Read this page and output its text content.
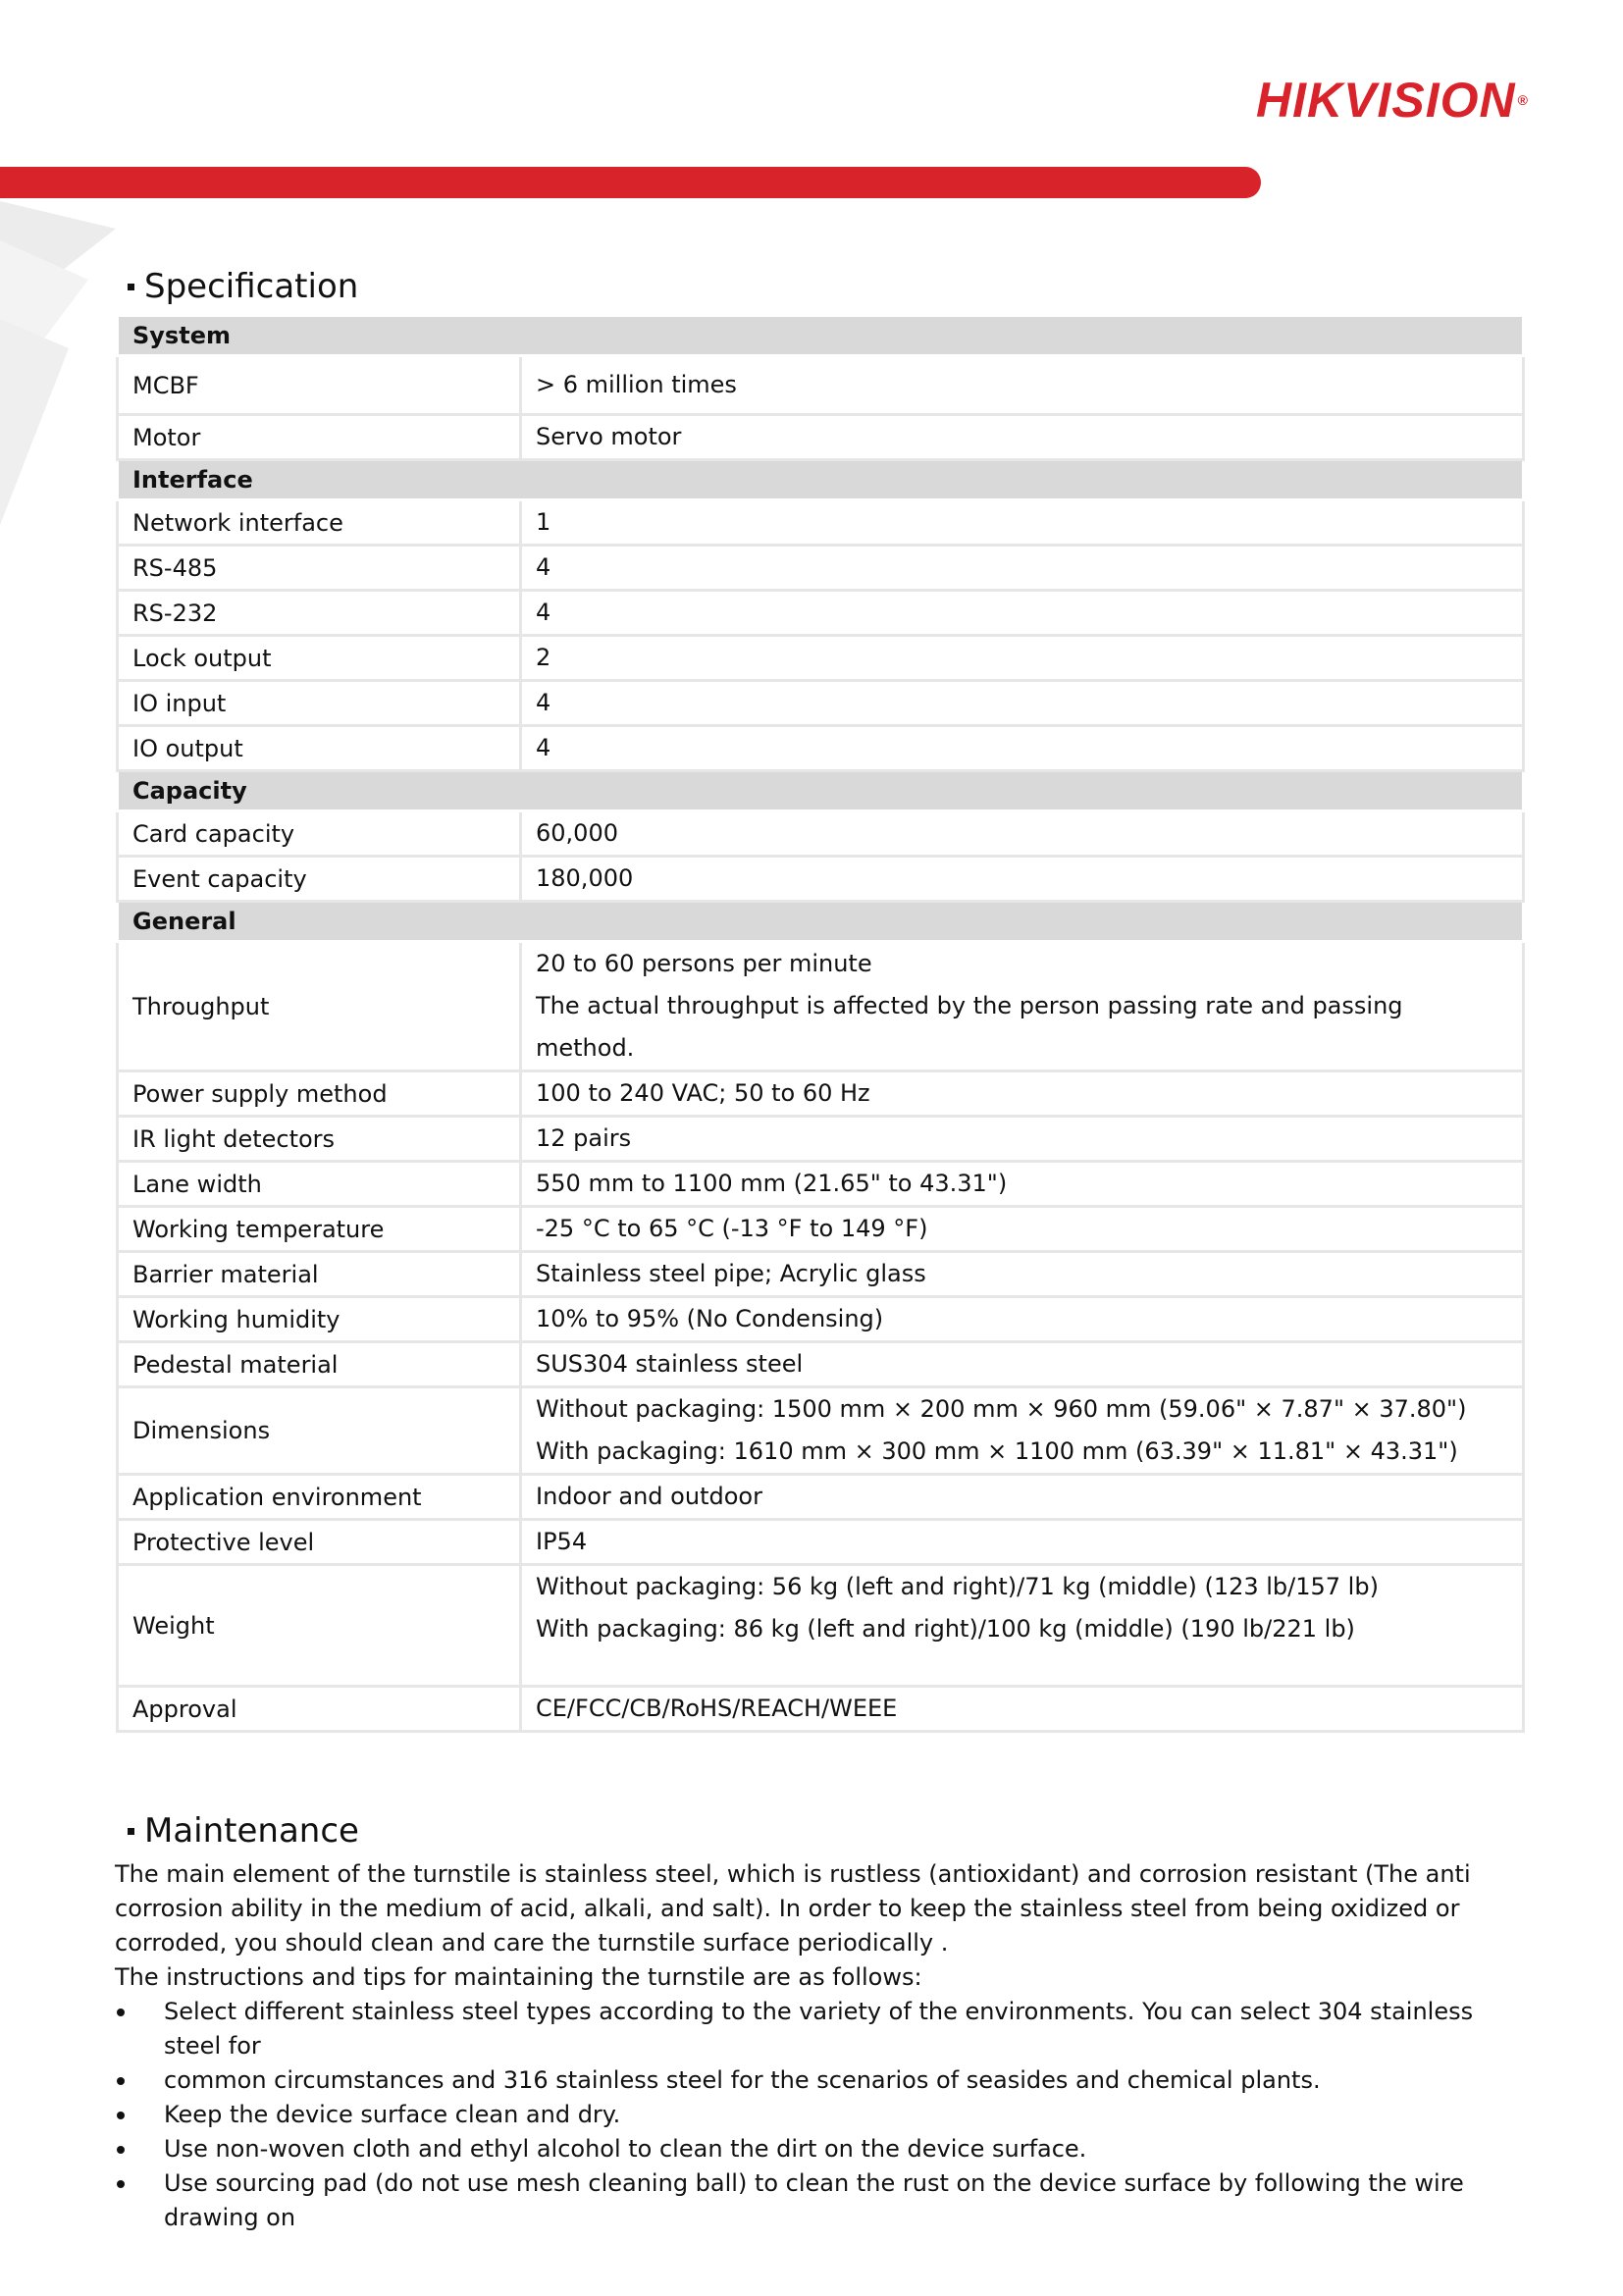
HIKVISION ®
Specification
System	
MCBF	> 6 million times

Motor	Servo motor

Interface	
Network interface	1

RS-485	4

RS-232	4

Lock output	2

IO input	4

IO output	4

Capacity	
Card capacity	60,000

Event capacity	180,000

General	
Throughput	20 to 60 persons per minute
The actual throughput is affected by the person passing rate and passing method.

Power supply method	100 to 240 VAC; 50 to 60 Hz

IR light detectors	12 pairs

Lane width	550 mm to 1100 mm (21.65" to 43.31")

Working temperature	-25 °C to 65 °C (-13 °F to 149 °F)

Barrier material	Stainless steel pipe; Acrylic glass

Working humidity	10% to 95% (No Condensing)

Pedestal material	SUS304 stainless steel

Dimensions	Without packaging: 1500 mm × 200 mm × 960 mm (59.06" × 7.87" × 37.80")
With packaging: 1610 mm × 300 mm × 1100 mm (63.39" × 11.81" × 43.31")

Application environment	Indoor and outdoor

Protective level	IP54

Weight	Without packaging: 56 kg (left and right)/71 kg (middle) (123 lb/157 lb)
With packaging: 86 kg (left and right)/100 kg (middle) (190 lb/221 lb)

Approval	CE/FCC/CB/RoHS/REACH/WEEE
Maintenance

The main element of the turnstile is stainless steel, which is rustless (antioxidant) and corrosion resistant (The anti corrosion ability in the medium of acid, alkali, and salt). In order to keep the stainless steel from being oxidized or corroded, you should clean and care the turnstile surface periodically .

The instructions and tips for maintaining the turnstile are as follows:

Select different stainless steel types according to the variety of the environments. You can select 304 stainless steel for
common circumstances and 316 stainless steel for the scenarios of seasides and chemical plants.
Keep the device surface clean and dry.
Use non-woven cloth and ethyl alcohol to clean the dirt on the device surface.
Use sourcing pad (do not use mesh cleaning ball) to clean the rust on the device surface by following the wire drawing on
